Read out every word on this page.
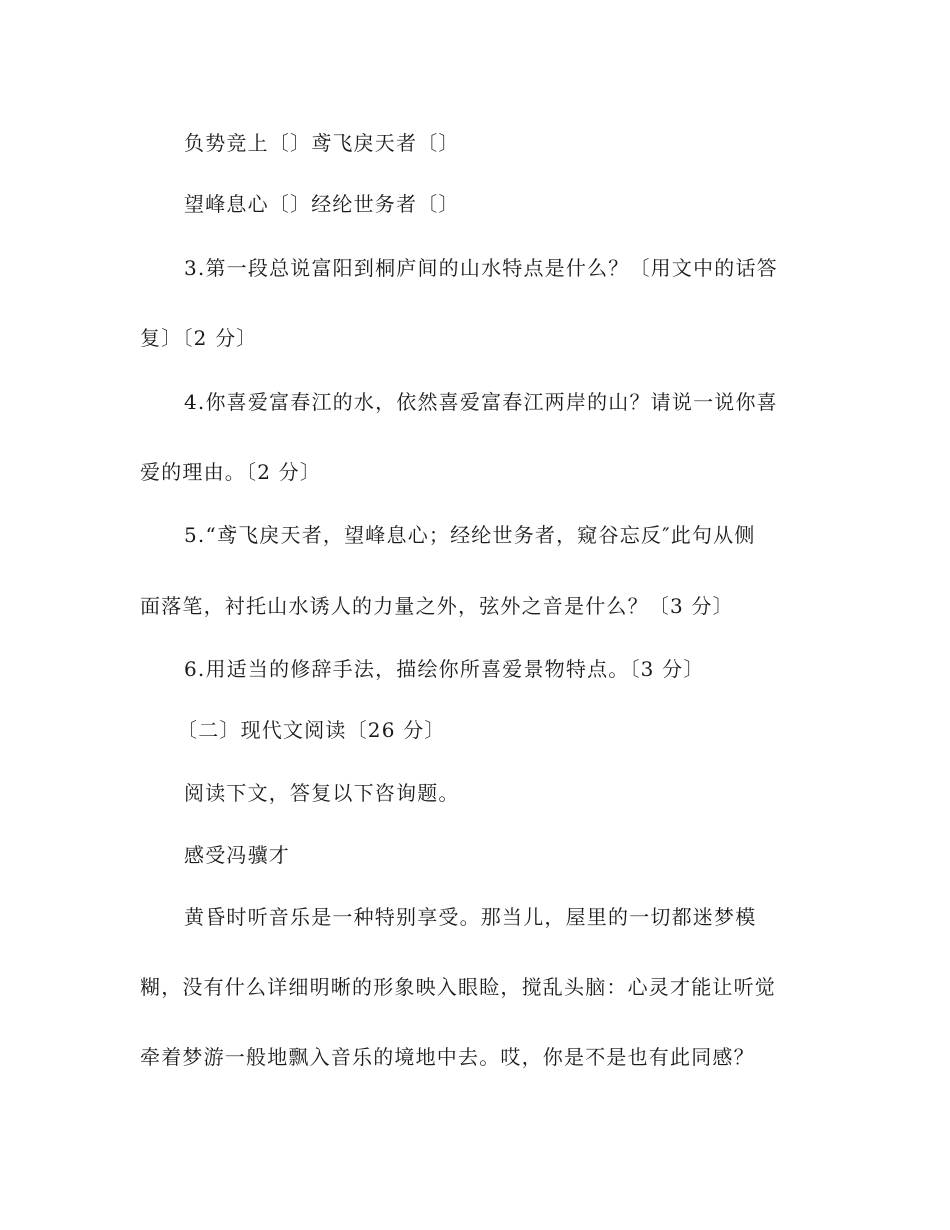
负势竞上〔〕鸢飞戾天者〔〕
望峰息心〔〕经纶世务者〔〕
3.第一段总说富阳到桐庐间的山水特点是什么？〔用文中的话答
复〕〔2 分〕
4.你喜爱富春江的水，依然喜爱富春江两岸的山？请说一说你喜
爱的理由。〔2 分〕
5.“鸢飞戾天者，望峰息心；经纶世务者，窥谷忘反″此句从侧
面落笔，衬托山水诱人的力量之外，弦外之音是什么？〔3 分〕
6.用适当的修辞手法，描绘你所喜爱景物特点。〔3 分〕
〔二〕现代文阅读〔26 分〕
阅读下文，答复以下咨询题。
感受冯骥才
黄昏时听音乐是一种特别享受。那当儿，屋里的一切都迷梦模
糊，没有什么详细明晰的形象映入眼睑，搅乱头脑：心灵才能让听觉
牵着梦游一般地飘入音乐的境地中去。哎，你是不是也有此同感？
